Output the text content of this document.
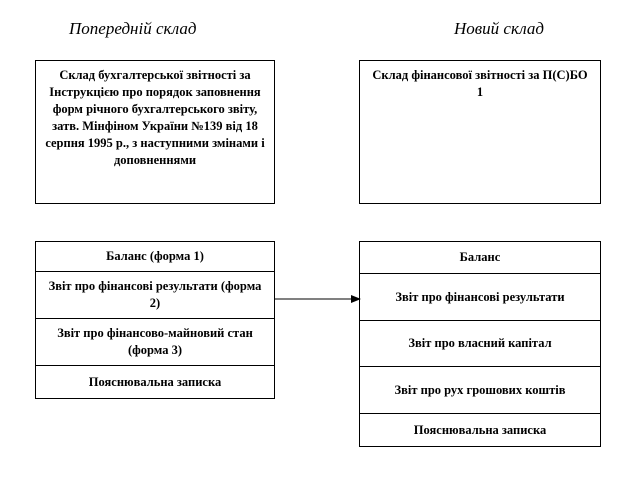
Попередній склад	Новий склад
Склад бухгалтерської звітності за Інструкцією про порядок заповнення форм річного бухгалтерського звіту, затв. Мінфіном України №139 від 18 серпня 1995 р., з наступними змінами і доповненнями
Склад фінансової звітності за П(С)БО 1
Баланс (форма 1)
Звіт про фінансові результати (форма 2)
Звіт про фінансово-майновий стан (форма 3)
Пояснювальна записка
Баланс
Звіт про фінансові результати
Звіт про власний капітал
Звіт про рух грошових коштів
Пояснювальна записка
